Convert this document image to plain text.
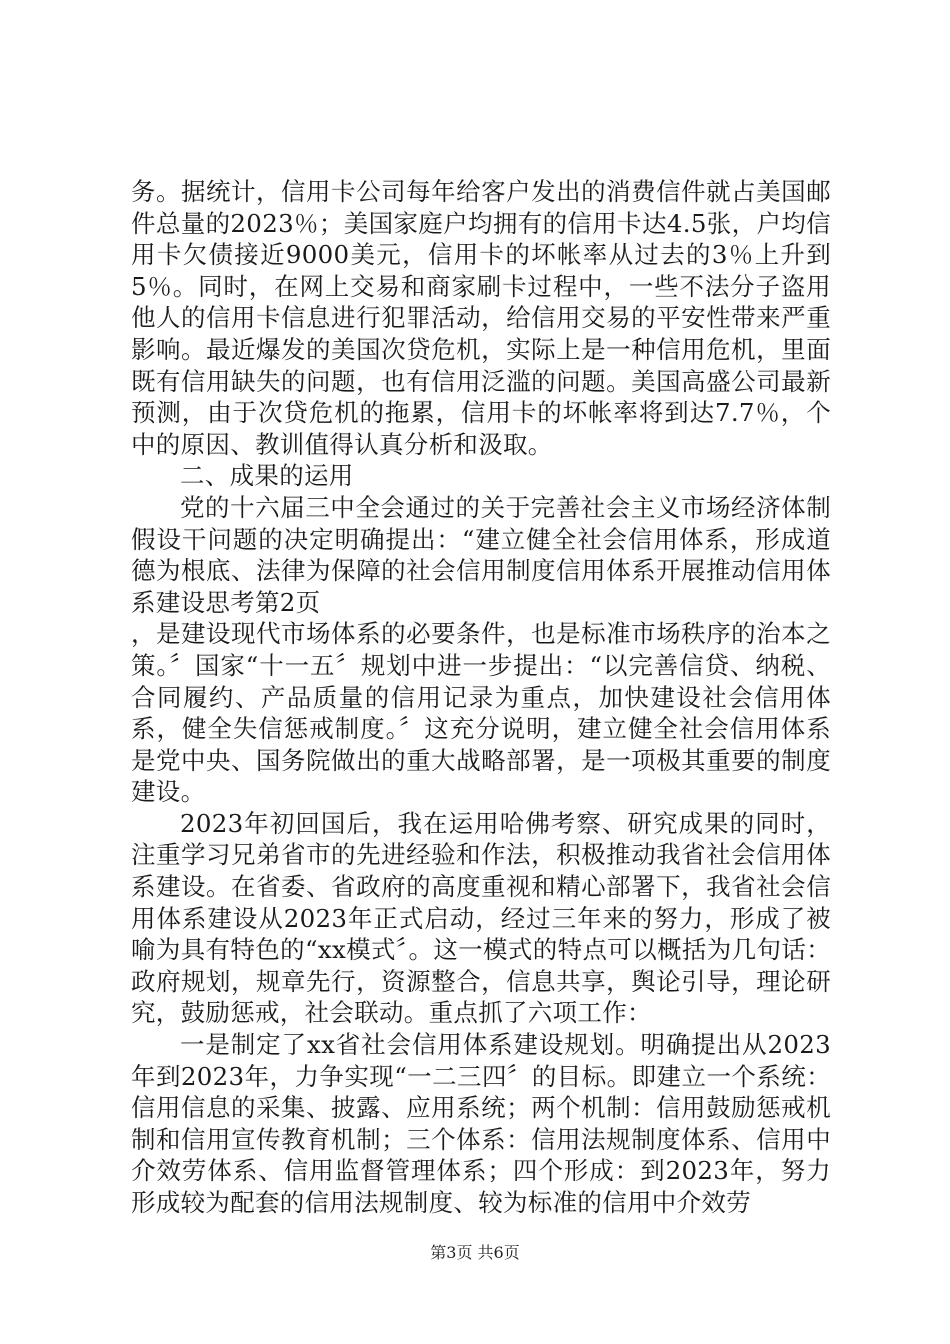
务。据统计，信用卡公司每年给客户发出的消费信件就占美国邮件总量的2023％；美国家庭户均拥有的信用卡达4.5张，户均信用卡欠债接近9000美元，信用卡的坏帐率从过去的3％上升到5％。同时，在网上交易和商家刷卡过程中，一些不法分子盗用他人的信用卡信息进行犯罪活动，给信用交易的平安性带来严重影响。最近爆发的美国次贷危机，实际上是一种信用危机，里面既有信用缺失的问题，也有信用泛滥的问题。美国高盛公司最新预测，由于次贷危机的拖累，信用卡的坏帐率将到达7.7％，个中的原因、教训值得认真分析和汲取。

二、成果的运用

党的十六届三中全会通过的关于完善社会主义市场经济体制假设干问题的决定明确提出：“建立健全社会信用体系，形成道德为根底、法律为保障的社会信用制度信用体系开展推动信用体系建设思考第2页

，是建设现代市场体系的必要条件，也是标准市场秩序的治本之策。〞国家“十一五〞规划中进一步提出：“以完善信贷、纳税、合同履约、产品质量的信用记录为重点，加快建设社会信用体系，健全失信惩戒制度。〞这充分说明，建立健全社会信用体系是党中央、国务院做出的重大战略部署，是一项极其重要的制度建设。

2023年初回国后，我在运用哈佛考察、研究成果的同时，注重学习兄弟省市的先进经验和作法，积极推动我省社会信用体系建设。在省委、省政府的高度重视和精心部署下，我省社会信用体系建设从2023年正式启动，经过三年来的努力，形成了被喻为具有特色的“xx模式〞。这一模式的特点可以概括为几句话：政府规划，规章先行，资源整合，信息共享，舆论引导，理论研究，鼓励惩戒，社会联动。重点抓了六项工作：

一是制定了xx省社会信用体系建设规划。明确提出从2023年到2023年，力争实现“一二三四〞的目标。即建立一个系统：信用信息的采集、披露、应用系统；两个机制：信用鼓励惩戒机制和信用宣传教育机制；三个体系：信用法规制度体系、信用中介效劳体系、信用监督管理体系；四个形成：到2023年，努力形成较为配套的信用法规制度、较为标准的信用中介效劳

第3页 共6页
